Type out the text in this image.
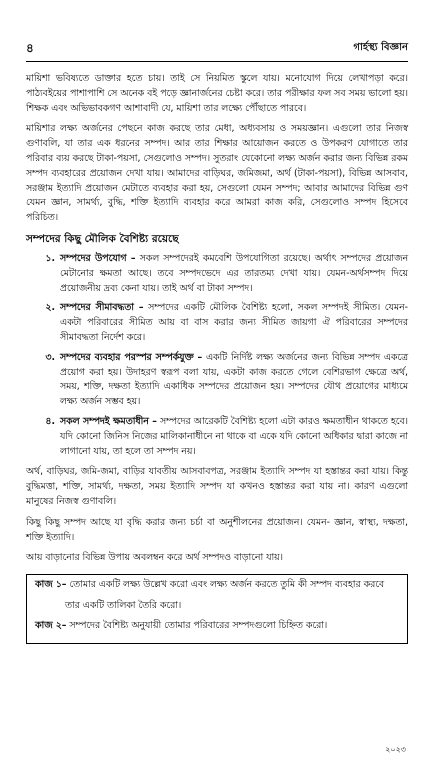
৪	গার্হস্থ্য বিজ্ঞান

মায়িশা ভবিষ্যতে ডাক্তার হতে চায়। তাই সে নিয়মিত স্কুলে যায়। মনোযোগ দিয়ে লেখাপড়া করে। পাঠ্যবইয়ের পাশাপাশি সে অনেক বই পড়ে জ্ঞানার্জনের চেষ্টা করে। তার পরীক্ষার ফল সব সময় ভালো হয়। শিক্ষক এবং অভিভাবকগণ আশাবাদী যে, মায়িশা তার লক্ষ্যে পৌঁছাতে পারবে।

মায়িশার লক্ষ্য অর্জনের পেছনে কাজ করছে তার মেধা, অধ্যবসায় ও সময়জ্ঞান। এগুলো তার নিজস্ব গুণাবলি, যা তার এক ধরনের সম্পদ। আর তার শিক্ষার আয়োজন করতে ও উপকরণ যোগাতে তার পরিবার ব্যয় করছে টাকা-পয়সা, সেগুলোও সম্পদ। সুতরাং যেকোনো লক্ষ্য অর্জন করার জন্য বিভিন্ন রকম সম্পদ ব্যবহারের প্রয়োজন দেখা যায়। আমাদের বাড়িঘর, জমিজমা, অর্থ (টাকা-পয়সা), বিভিন্ন আসবাব, সরঞ্জাম ইত্যাদি প্রয়োজন মেটাতে ব্যবহার করা হয়, সেগুলো যেমন সম্পদ; আবার আমাদের বিভিন্ন গুণ যেমন জ্ঞান, সামর্থ্য, বুদ্ধি, শক্তি ইত্যাদি ব্যবহার করে আমরা কাজ করি, সেগুলোও সম্পদ হিসেবে পরিচিত।

সম্পদের কিছু মৌলিক বৈশিষ্ট্য রয়েছে
১. সম্পদের উপযোগ – সকল সম্পদেরই কমবেশি উপযোগিতা রয়েছে। অর্থাৎ সম্পদের প্রয়োজন মেটানোর ক্ষমতা আছে। তবে সম্পদভেদে এর তারতম্য দেখা যায়। যেমন-অর্থসম্পদ দিয়ে প্রয়োজনীয় দ্রব্য কেনা যায়। তাই অর্থ বা টাকা সম্পদ।
২. সম্পদের সীমাবদ্ধতা – সম্পদের একটি মৌলিক বৈশিষ্ট্য হলো, সকল সম্পদই সীমিত। যেমন- একটা পরিবারের সীমিত আয় বা বাস করার জন্য সীমিত জায়গা ঐ পরিবারের সম্পদের সীমাবদ্ধতা নির্দেশ করে।
৩. সম্পদের ব্যবহার পরস্পর সম্পর্কযুক্ত – একটি নির্দিষ্ট লক্ষ্য অর্জনের জন্য বিভিন্ন সম্পদ একত্রে প্রয়োগ করা হয়। উদাহরণ স্বরূপ বলা যায়, একটা কাজ করতে গেলে বেশিরভাগ ক্ষেত্রে অর্থ, সময়, শক্তি, দক্ষতা ইত্যাদি একাধিক সম্পদের প্রয়োজন হয়। সম্পদের যৌথ প্রয়োগের মাধ্যমে লক্ষ্য অর্জন সম্ভব হয়।
৪. সকল সম্পদই ক্ষমতাধীন – সম্পদের আরেকটি বৈশিষ্ট্য হলো এটা কারও ক্ষমতাধীন থাকতে হবে। যদি কোনো জিনিস নিজের মালিকানাধীনে না থাকে বা একে যদি কোনো অধিকার দ্বারা কাজে না লাগানো যায়, তা হলে তা সম্পদ নয়।

অর্থ, বাড়িঘর, জমি-জমা, বাড়ির যাবতীয় আসবাবপত্র, সরঞ্জাম ইত্যাদি সম্পদ যা হস্তান্তর করা যায়। কিন্তু বুদ্ধিমত্তা, শক্তি, সামর্থ্য, দক্ষতা, সময় ইত্যাদি সম্পদ যা কখনও হস্তান্তর করা যায় না। কারণ এগুলো মানুষের নিজস্ব গুণাবলি।

কিছু কিছু সম্পদ আছে যা বৃদ্ধি করার জন্য চর্চা বা অনুশীলনের প্রয়োজন। যেমন- জ্ঞান, স্বাস্থ্য, দক্ষতা, শক্তি ইত্যাদি।

আয় বাড়ানোর বিভিন্ন উপায় অবলম্বন করে অর্থ সম্পদও বাড়ানো যায়।

কাজ ১– তোমার একটি লক্ষ্য উল্লেখ করো এবং লক্ষ্য অর্জন করতে তুমি কী সম্পদ ব্যবহার করবে

তার একটি তালিকা তৈরি করো।

কাজ ২– সম্পদের বৈশিষ্ট্য অনুযায়ী তোমার পরিবারের সম্পদগুলো চিহ্নিত করো।

২০২৩
